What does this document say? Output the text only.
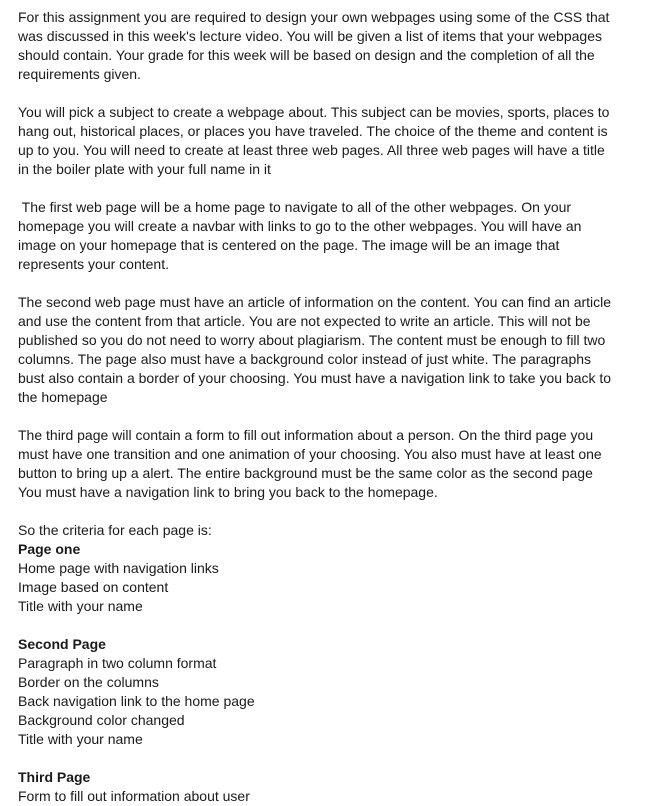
For this assignment you are required to design your own webpages using some of the CSS that
was discussed in this week's lecture video. You will be given a list of items that your webpages
should contain. Your grade for this week will be based on design and the completion of all the
requirements given.

You will pick a subject to create a webpage about. This subject can be movies, sports, places to
hang out, historical places, or places you have traveled. The choice of the theme and content is
up to you. You will need to create at least three web pages. All three web pages will have a title
in the boiler plate with your full name in it

The first web page will be a home page to navigate to all of the other webpages. On your
homepage you will create a navbar with links to go to the other webpages. You will have an
image on your homepage that is centered on the page. The image will be an image that
represents your content.

The second web page must have an article of information on the content. You can find an article
and use the content from that article. You are not expected to write an article. This will not be
published so you do not need to worry about plagiarism. The content must be enough to fill two
columns. The page also must have a background color instead of just white. The paragraphs
bust also contain a border of your choosing. You must have a navigation link to take you back to
the homepage

The third page will contain a form to fill out information about a person. On the third page you
must have one transition and one animation of your choosing. You also must have at least one
button to bring up a alert. The entire background must be the same color as the second page
You must have a navigation link to bring you back to the homepage.

So the criteria for each page is:
Page one
Home page with navigation links
Image based on content
Title with your name
Second Page
Paragraph in two column format
Border on the columns
Back navigation link to the home page
Background color changed
Title with your name
Third Page
Form to fill out information about user
